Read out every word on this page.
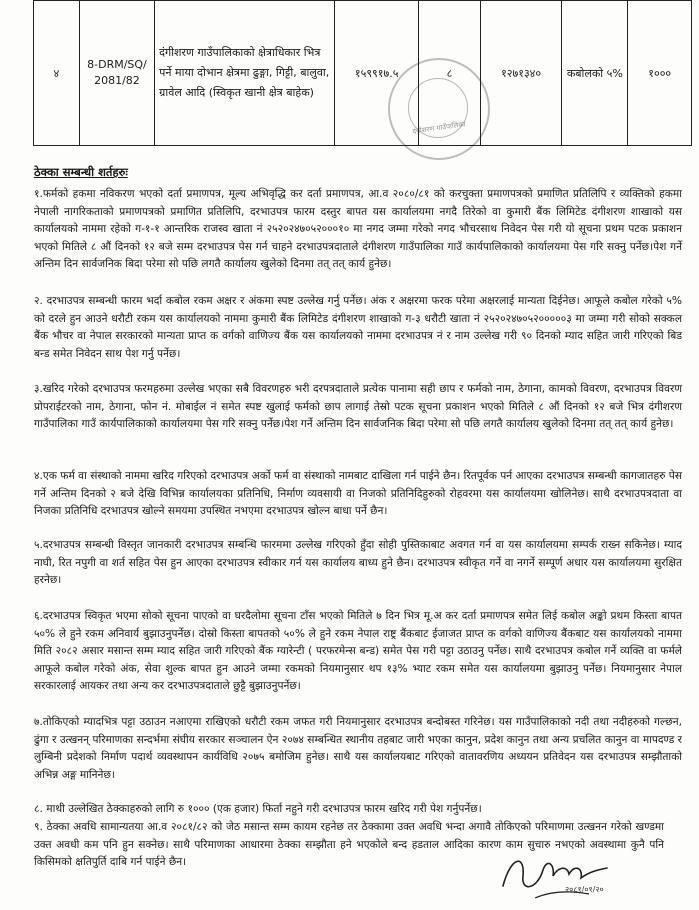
४	8-DRM/SQ/2081/82	दंगीशरण गाउँपालिकाको क्षेत्राधिकार भित्र पर्ने माया दोभान क्षेत्रमा ढुङ्गा, गिट्टी, बालुवा, ग्रावेल आदि (स्विकृत खानी क्षेत्र बाहेक)	१५९९१७.५	८	१२७१३४०	कबोलको ५%	१०००
दंगीशरण गाउँपालिका
ठेक्का सम्बन्धी शर्तहरुः
१.फर्मको हकमा नविकरण भएको दर्ता प्रमाणपत्र, मूल्य अभिवृद्धि कर दर्ता प्रमाणपत्र, आ.व २०८०/८१ को करचुक्ता प्रमाणपत्रको प्रमाणित प्रतिलिपि र व्यक्तिको हकमा नेपाली नागरिकताको प्रमाणपत्रको प्रमाणित प्रतिलिपि, दरभाउपत्र फारम दस्तुर बापत यस कार्यालयमा नगदै तिरेको वा कुमारी बैंक लिमिटेड दंगीशरण शाखाको यस कार्यालयको नाममा रहेको ग-१-१ आन्तरिक राजस्व खाता नं २५२०२४७०५२०००१० मा नगद जम्मा गरेको नगद भौचरसाथ निवेदन पेस गरी यो सूचना प्रथम पटक प्रकाशन भएको मितिले ८ औं दिनको १२ बजे सम्म दरभाउपत्र पेस गर्न चाहने दरभाउपत्रदाताले दंगीशरण गाउँपालिका गाउँ कार्यपालिकाको कार्यालयमा पेस गरि सक्नु पर्नेछ।पेश गर्ने अन्तिम दिन सार्वजनिक बिदा परेमा सो पछि लगतै कार्यालय खुलेको दिनमा तत् तत् कार्य हुनेछ।
२. दरभाउपत्र सम्बन्धी फारम भर्दा कबोल रकम अक्षर र अंकमा स्पष्ट उल्लेख गर्नु पर्नेछ। अंक र अक्षरमा फरक परेमा अक्षरलाई मान्यता दिईनेछ। आफूले कबोल गरेको ५% को दरले हुन आउने धरौटी रकम यस कार्यालयको नाममा कुमारी बैंक लिमिटेड दंगीशरण शाखाको ग-३ धरौटी खाता नं २५२०२४७०५२०००००३ मा जम्मा गरी सोको सक्कल बैंक भौचर वा नेपाल सरकारको मान्यता प्राप्त क वर्गको वाणिज्य बैंक यस कार्यालयको नाममा दरभाउपत्र नं र नाम उल्लेख गरी ९० दिनको म्याद सहित जारी गरिएको बिड बन्ड समेत निवेदन साथ पेश गर्नु पर्नेछ।
३.खरिद गरेको दरभाउपत्र फरमहरुमा उल्लेख भएका सबै विवरणहरु भरी दरपत्रदाताले प्रत्येक पानामा सही छाप र फर्मको नाम, ठेगाना, कामको विवरण, दरभाउपत्र विवरण प्रोपराईटरको नाम, ठेगाना, फोन नं. मोबाईल नं समेत स्पष्ट खुलाई फर्मको छाप लागाई तेस्रो पटक सूचना प्रकाशन भएको मितिले ८ औं दिनको १२ बजे भित्र दंगीशरण गाउँपालिका गाउँ कार्यपालिकाको कार्यालयमा पेस गरि सक्नु पर्नेछ।पेश गर्ने अन्तिम दिन सार्वजनिक बिदा परेमा सो पछि लगतै कार्यालय खुलेको दिनमा तत् तत् कार्य हुनेछ।
४.एक फर्म वा संस्थाको नाममा खरिद गरिएको दरभाउपत्र अर्को फर्म वा संस्थाको नामबाट दाखिला गर्न पाईने छैन। रितपूर्वक पर्न आएका दरभाउपत्र सम्बन्धी कागजातहरु पेस गर्ने अन्तिम दिनको २ बजे देखि विभिन्न कार्यालयका प्रतिनिधि, निर्माण व्यवसायी वा निजको प्रतिनिदिहुरुको रोहवरमा यस कार्यालयमा खोलिनेछ। साथै दरभाउपत्रदाता वा निजका प्रतिनिधि दरभाउपत्र खोल्ने समयमा उपस्थित नभएमा दरभाउपत्र खोल्न बाधा पर्ने छैन।
५.दरभाउपत्र सम्बन्धी विस्तृत जानकारी दरभाउपत्र सम्बन्धि फारममा उल्लेख गरिएको हुँदा सोही पुस्तिकाबाट अवगत गर्न वा यस कार्यालयमा सम्पर्क राख्न सकिनेछ। म्याद नाघी, रित नपुगी वा शर्त सहित पेस हुन आएका दरभाउपत्र स्वीकार गर्न यस कार्यालय बाध्य हुने छैन। दरभाउपत्र स्वीकृत गर्ने वा नगर्ने सम्पूर्ण अधार यस कार्यालयमा सुरक्षित हरनेछ।
६.दरभाउपत्र स्विकृत भएमा सोको सूचना पाएको वा घरदैलोमा सूचना टाँस भएको मितिले ७ दिन भित्र मू.अ कर दर्ता प्रमाणपत्र समेत लिई कबोल अङ्को प्रथम किस्ता बापत ५०% ले हुने रकम अनिवार्य बुझाउनुपर्नेछ। दोस्रो किस्ता बापतको ५०% ले हुने रकम नेपाल राष्ट्र बैंकबाट ईजाजत प्राप्त क वर्गको वाणिज्य बैंकबाट यस कार्यालयको नाममा मिति २०८२ असार मसान्त सम्म म्याद सहित जारी गरिएको बैंक ग्यारेन्टी ( परफरमेन्स बन्ड) समेत पेस गरी पट्टा उठाउनु पर्नेछ। साथै दरभाउपत्र कबोल गर्ने व्यक्ति वा फर्मले आफूले कबोल गरेको अंक, सेवा शुल्क बापत हुन आउने जम्मा रकमको नियमानुसार थप १३% भ्याट रकम समेत यस कार्यालयमा बुझाउनु पर्नेछ। नियमानुसार नेपाल सरकारलाई आयकर तथा अन्य कर दरभाउपत्रदाताले छुट्टै बुझाउनुपर्नेछ।
७.तोकिएको म्यादभित्र पट्टा उठाउन नआएमा राखिएको धरौटी रकम जफत गरी नियमानुसार दरभाउपत्र बन्दोबस्त गरिनेछ। यस गाउँपालिकाको नदी तथा नदीहरुको गल्छन, ढुंगा र उत्खनन् परिमाणका सन्दर्भमा संघीय सरकार सञ्चालन ऐन २०७४ सम्बन्धित स्थानीय तहबाट जारी भएका कानुन, प्रदेश कानुन तथा अन्य प्रचलित कानुन वा मापदण्ड र लुम्बिनी प्रदेशको निर्माण पदार्थ व्यवस्थापन कार्यविधि २०७५ बमोजिम हुनेछ। साथै यस कार्यालयबाट गरिएको वातावरणिय अध्ययन प्रतिवेदन यस दरभाउपत्र सम्झौताको अभिन्न अङ्ग मानिनेछ।
८. माथी उल्लेखित ठेक्काहरुको लागि रु १००० (एक हजार) फिर्ता नहुने गरी दरभाउपत्र फारम खरिद गरी पेश गर्नुपर्नेछ।
९. ठेक्का अवधि सामान्यतया आ.व २०८१/८२ को जेठ मसान्त सम्म कायम रहनेछ तर ठेक्कामा उक्त अवधि भन्दा अगावै तोकिएको परिमाणमा उत्खनन गरेको खण्डमा उक्त अवधी कम पनि हुन सक्नेछ। साथै परिमाणका आधारमा ठेक्का सम्झौता हने भएकोले बन्द हडताल आदिका कारण काम सुचारु नभएको अवस्थामा कुनै पनि किसिमको क्षतिपुर्ति दाबि गर्न पाईने छैन।
२०८१/०१/२०
